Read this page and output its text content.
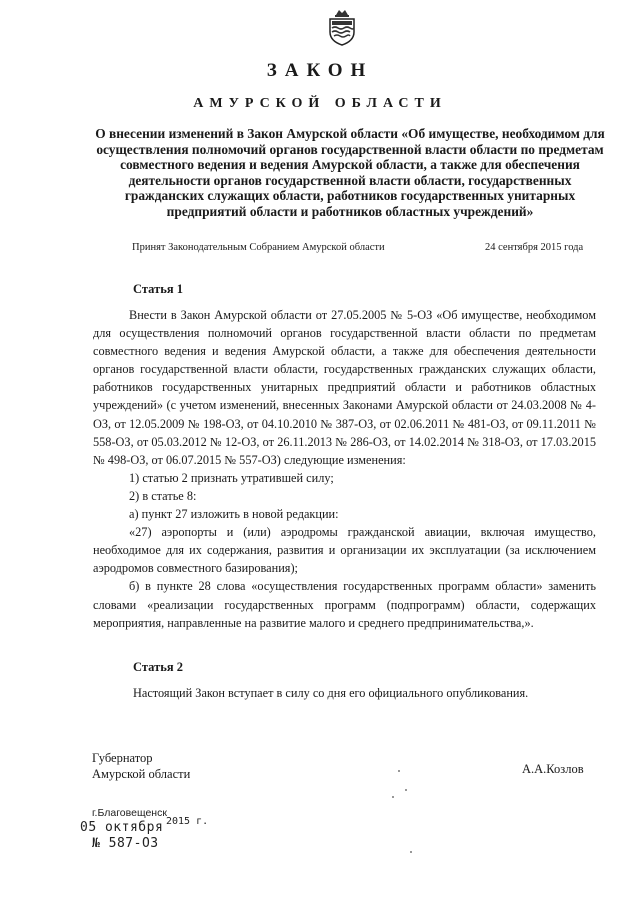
ЗАКОН
АМУРСКОЙ ОБЛАСТИ
О внесении изменений в Закон Амурской области «Об имуществе, необходимом для осуществления полномочий органов государственной власти области по предметам совместного ведения и ведения Амурской области, а также для обеспечения деятельности органов государственной власти области, государственных гражданских служащих области, работников государственных унитарных предприятий области и работников областных учреждений»
Принят Законодательным Собранием Амурской области	24 сентября 2015 года
Статья 1

Внести в Закон Амурской области от 27.05.2005 № 5-ОЗ «Об имуществе, необходимом для осуществления полномочий органов государственной власти области по предметам совместного ведения и ведения Амурской области, а также для обеспечения деятельности органов государственной власти области, государственных гражданских служащих области, работников государственных унитарных предприятий области и работников областных учреждений» (с учетом изменений, внесенных Законами Амурской области от 24.03.2008 № 4-ОЗ, от 12.05.2009 № 198-ОЗ, от 04.10.2010 № 387-ОЗ, от 02.06.2011 № 481-ОЗ, от 09.11.2011 № 558-ОЗ, от 05.03.2012 № 12-ОЗ, от 26.11.2013 № 286-ОЗ, от 14.02.2014 № 318-ОЗ, от 17.03.2015 № 498-ОЗ, от 06.07.2015 № 557-ОЗ) следующие изменения:

1) статью 2 признать утратившей силу;

2) в статье 8:

а) пункт 27 изложить в новой редакции:

«27) аэропорты и (или) аэродромы гражданской авиации, включая имущество, необходимое для их содержания, развития и организации их эксплуатации (за исключением аэродромов совместного базирования);

б) в пункте 28 слова «осуществления государственных программ области» заменить словами «реализации государственных программ (подпрограмм) области, содержащих мероприятия, направленные на развитие малого и среднего предпринимательства,».

Статья 2
Настоящий Закон вступает в силу со дня его официального опубликования.
Губернатор
Амурской области	А.А.Козлов
г.Благовещенск
05 октября 2015 г.
№ 587-ОЗ
